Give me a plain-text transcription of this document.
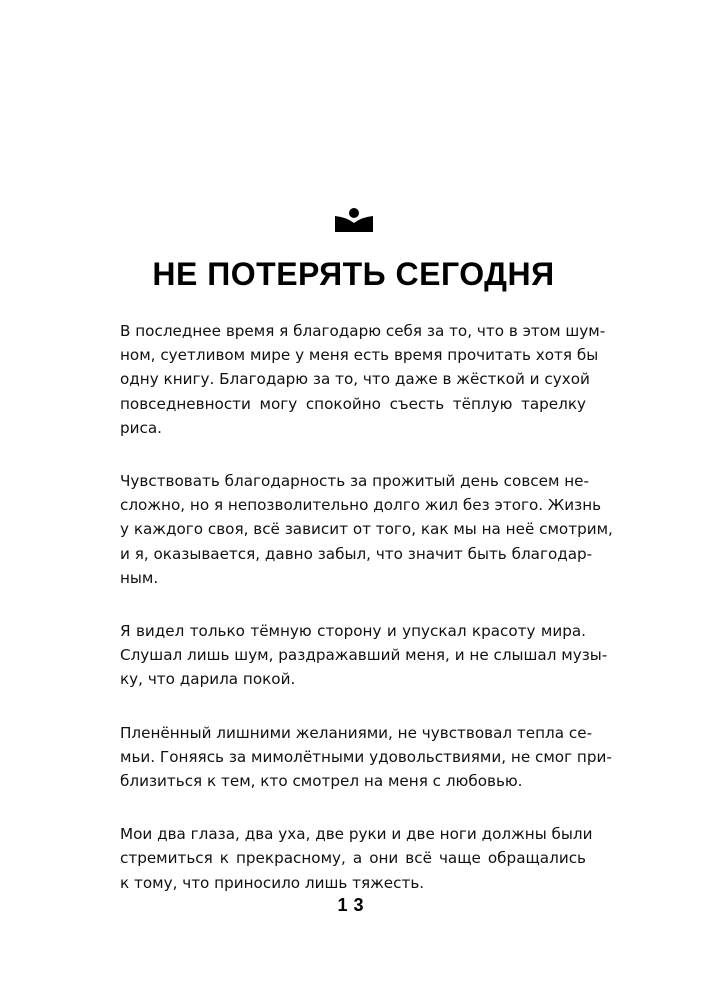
НЕ ПОТЕРЯТЬ СЕГОДНЯ

В последнее время я благодарю себя за то, что в этом шум-
ном, суетливом мире у меня есть время прочитать хотя бы
одну книгу. Благодарю за то, что даже в жёсткой и сухой
повседневности могу спокойно съесть тёплую тарелку
риса.

Чувствовать благодарность за прожитый день совсем не-
сложно, но я непозволительно долго жил без этого. Жизнь
у каждого своя, всё зависит от того, как мы на неё смотрим,
и я, оказывается, давно забыл, что значит быть благодар-
ным.

Я видел только тёмную сторону и упускал красоту мира.
Слушал лишь шум, раздражавший меня, и не слышал музы-
ку, что дарила покой.

Пленённый лишними желаниями, не чувствовал тепла се-
мьи. Гоняясь за мимолётными удовольствиями, не смог при-
близиться к тем, кто смотрел на меня с любовью.

Мои два глаза, два уха, две руки и две ноги должны были
стремиться к прекрасному, а они всё чаще обращались
к тому, что приносило лишь тяжесть.

13
